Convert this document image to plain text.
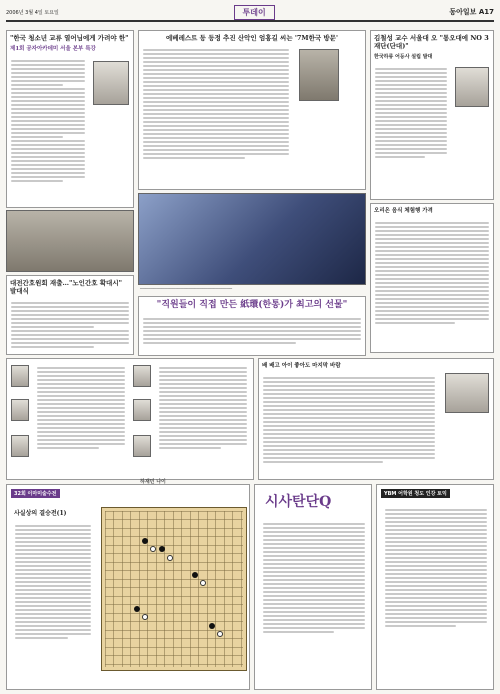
2006년 3월 4일 토요일	투데이	동아일보 A17
"한국 청소년 교류 열어님에게 가려야 한"
제1회 공자아카데미 서울 본부 특강
대전간호원회 재출…"노인간호 확대시" 발대식
에베레스트 등 등정 추진 산악인 엄홍길 씨는 '7M한국 방문'
──────────────────────────────────
"직원들이 직접 만든 紙環(한통)가 최고의 선물"
김철성 교수 서울대 오 "통오대에 NO 3 재단(단대)"
한국하류 어등사 설립 발대
오리온 음식 체험행 가격
배 배고 아이 좋아도 마지막 바람
32회 이마미술수전
사실상의 결승전(1)
시사탄단Q	YBM 어학원 청도 인강 토익
하재민 나이
